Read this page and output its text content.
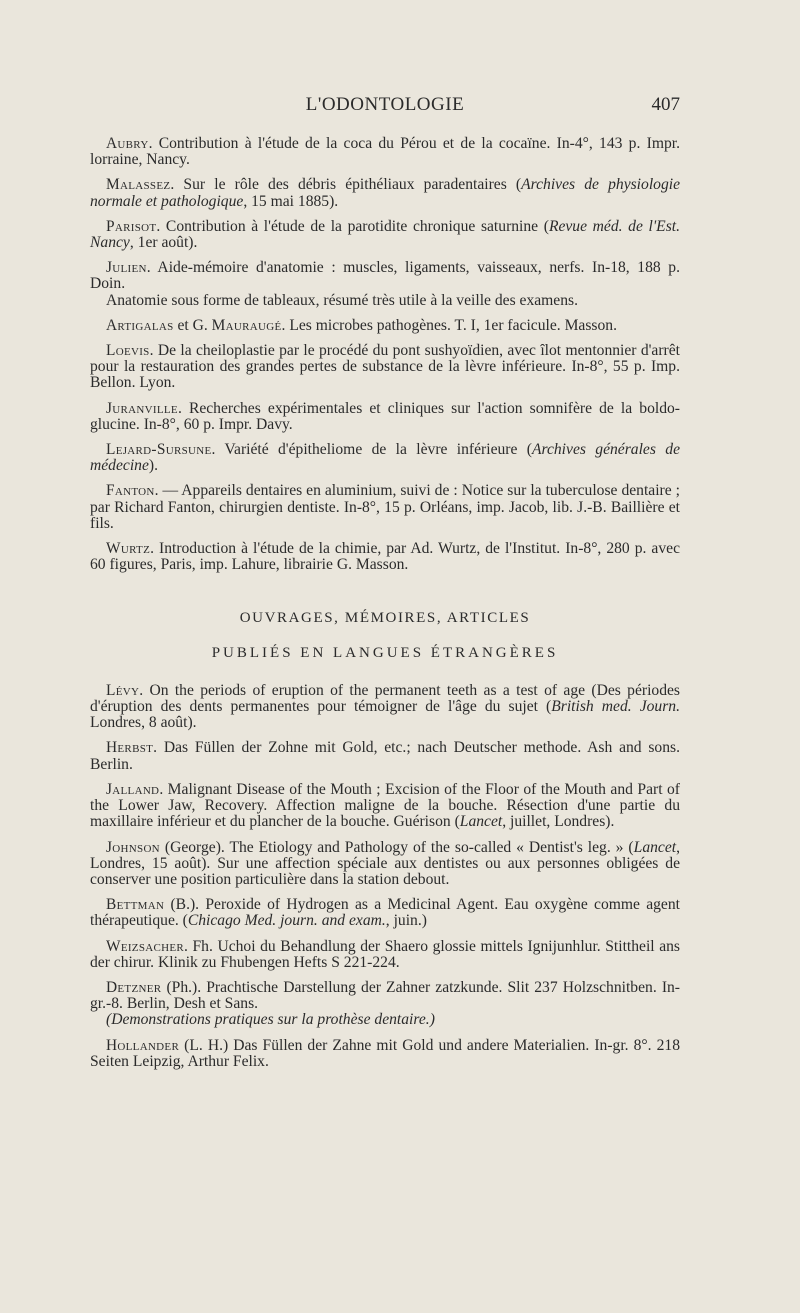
L'ODONTOLOGIE	407

Aubry. Contribution à l'étude de la coca du Pérou et de la cocaïne. In-4°, 143 p. Impr. lorraine, Nancy.

Malassez. Sur le rôle des débris épithéliaux paradentaires (Archives de physiologie normale et pathologique, 15 mai 1885).

Parisot. Contribution à l'étude de la parotidite chronique saturnine (Revue méd. de l'Est. Nancy, 1er août).

Julien. Aide-mémoire d'anatomie : muscles, ligaments, vaisseaux, nerfs. In-18, 188 p. Doin.

Anatomie sous forme de tableaux, résumé très utile à la veille des examens.

Artigalas et G. Mauraugé. Les microbes pathogènes. T. I, 1er facicule. Masson.

Loevis. De la cheiloplastie par le procédé du pont sushyoïdien, avec îlot mentonnier d'arrêt pour la restauration des grandes pertes de substance de la lèvre inférieure. In-8°, 55 p. Imp. Bellon. Lyon.

Juranville. Recherches expérimentales et cliniques sur l'action somnifère de la boldo-glucine. In-8°, 60 p. Impr. Davy.

Lejard-Sursune. Variété d'épitheliome de la lèvre inférieure (Archives générales de médecine).

Fanton. — Appareils dentaires en aluminium, suivi de : Notice sur la tuberculose dentaire ; par Richard Fanton, chirurgien dentiste. In-8°, 15 p. Orléans, imp. Jacob, lib. J.-B. Baillière et fils.

Wurtz. Introduction à l'étude de la chimie, par Ad. Wurtz, de l'Institut. In-8°, 280 p. avec 60 figures, Paris, imp. Lahure, librairie G. Masson.

OUVRAGES, MÉMOIRES, ARTICLES

PUBLIÉS EN LANGUES ÉTRANGÈRES

Lévy. On the periods of eruption of the permanent teeth as a test of age (Des périodes d'éruption des dents permanentes pour témoigner de l'âge du sujet (British med. Journ. Londres, 8 août).

Herbst. Das Füllen der Zohne mit Gold, etc.; nach Deutscher methode. Ash and sons. Berlin.

Jalland. Malignant Disease of the Mouth ; Excision of the Floor of the Mouth and Part of the Lower Jaw, Recovery. Affection maligne de la bouche. Résection d'une partie du maxillaire inférieur et du plancher de la bouche. Guérison (Lancet, juillet, Londres).

Johnson (George). The Etiology and Pathology of the so-called « Dentist's leg. » (Lancet, Londres, 15 août). Sur une affection spéciale aux dentistes ou aux personnes obligées de conserver une position particulière dans la station debout.

Bettman (B.). Peroxide of Hydrogen as a Medicinal Agent. Eau oxygène comme agent thérapeutique. (Chicago Med. journ. and exam., juin.)

Weizsacher. Fh. Uchoi du Behandlung der Shaero glossie mittels Ignijunhlur. Stittheil ans der chirur. Klinik zu Fhubengen Hefts S 221-224.

Detzner (Ph.). Prachtische Darstellung der Zahner zatzkunde. Slit 237 Holzschnitben. In-gr.-8. Berlin, Desh et Sans.

(Demonstrations pratiques sur la prothèse dentaire.)

Hollander (L. H.) Das Füllen der Zahne mit Gold und andere Materialien. In-gr. 8°. 218 Seiten Leipzig, Arthur Felix.
